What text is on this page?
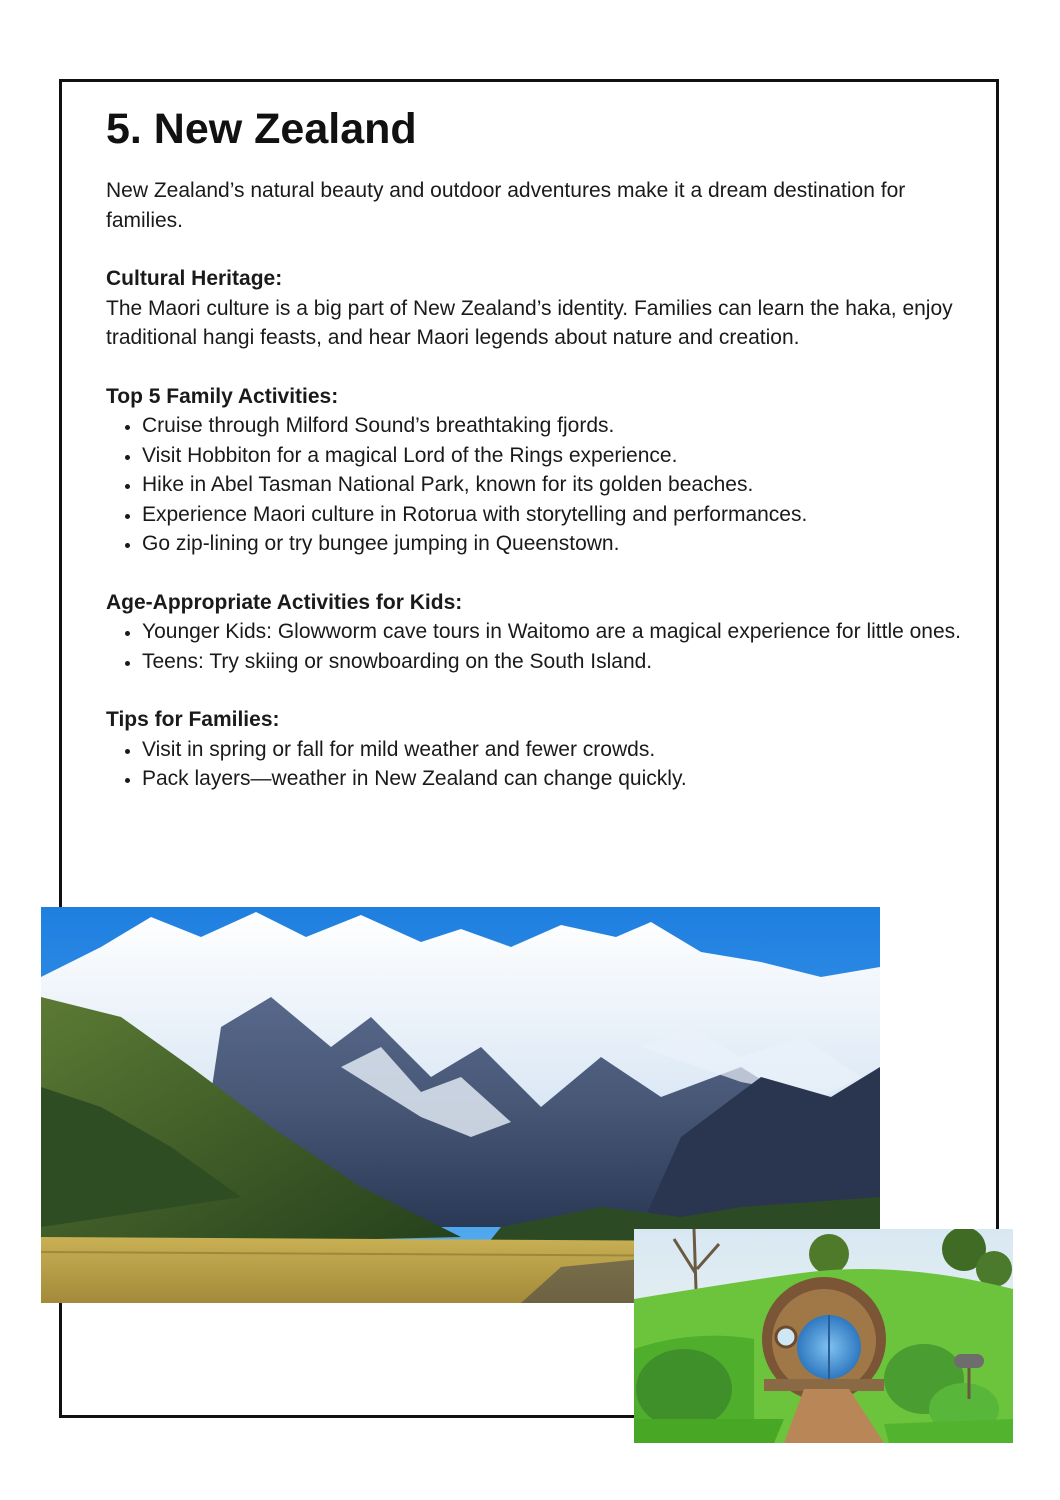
5. New Zealand

New Zealand’s natural beauty and outdoor adventures make it a dream destination for families.

Cultural Heritage:

The Maori culture is a big part of New Zealand’s identity. Families can learn the haka, enjoy traditional hangi feasts, and hear Maori legends about nature and creation.

Top 5 Family Activities:
• Cruise through Milford Sound’s breathtaking fjords.
• Visit Hobbiton for a magical Lord of the Rings experience.
• Hike in Abel Tasman National Park, known for its golden beaches.
• Experience Maori culture in Rotorua with storytelling and performances.
• Go zip-lining or try bungee jumping in Queenstown.
Age-Appropriate Activities for Kids:
• Younger Kids: Glowworm cave tours in Waitomo are a magical experience for little ones.
• Teens: Try skiing or snowboarding on the South Island.
Tips for Families:
• Visit in spring or fall for mild weather and fewer crowds.
• Pack layers—weather in New Zealand can change quickly.
